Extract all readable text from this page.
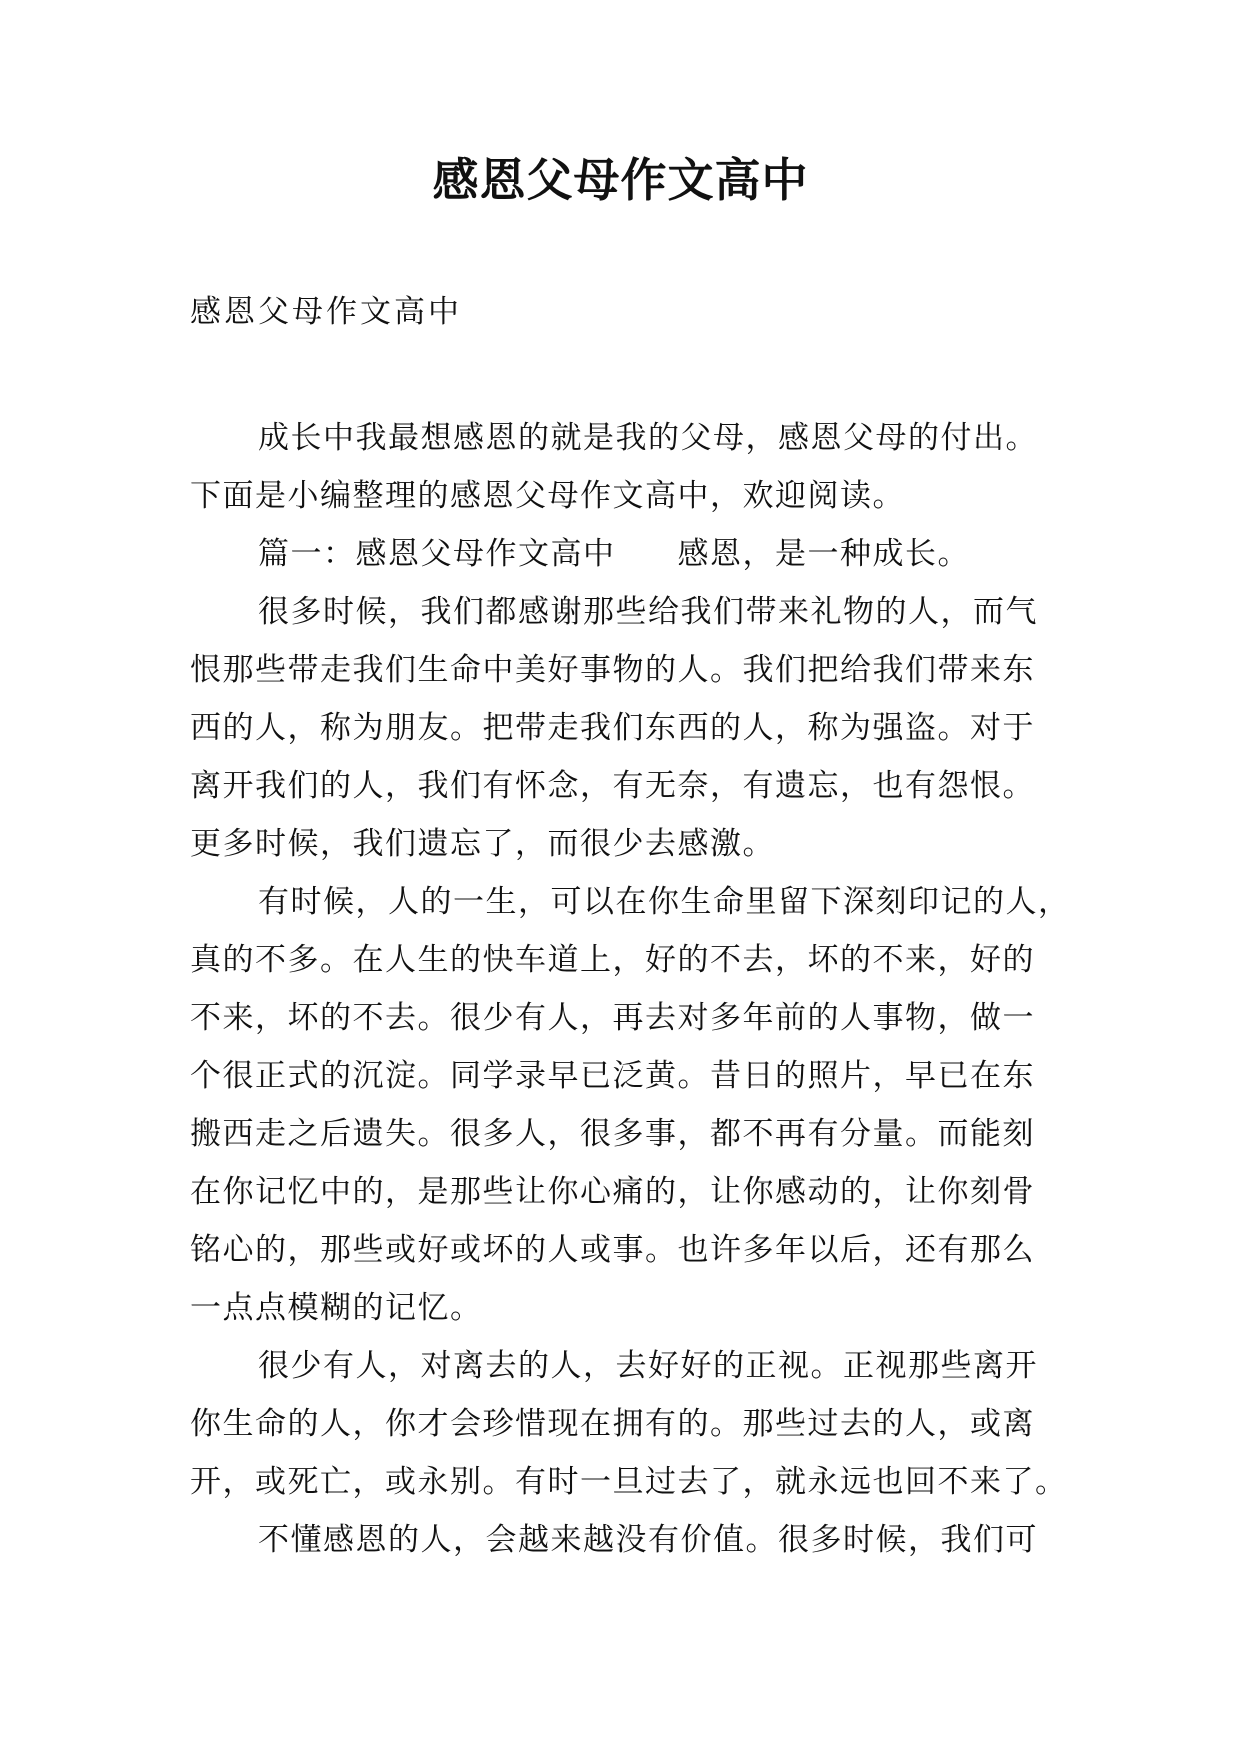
感恩父母作文高中
感恩父母作文高中
成长中我最想感恩的就是我的父母，感恩父母的付出。
下面是小编整理的感恩父母作文高中，欢迎阅读。
篇一：感恩父母作文高中 感恩，是一种成长。
很多时候，我们都感谢那些给我们带来礼物的人，而气
恨那些带走我们生命中美好事物的人。我们把给我们带来东
西的人，称为朋友。把带走我们东西的人，称为强盗。对于
离开我们的人，我们有怀念，有无奈，有遗忘，也有怨恨。
更多时候，我们遗忘了，而很少去感激。
有时候，人的一生，可以在你生命里留下深刻印记的人，
真的不多。在人生的快车道上，好的不去，坏的不来，好的
不来，坏的不去。很少有人，再去对多年前的人事物，做一
个很正式的沉淀。同学录早已泛黄。昔日的照片，早已在东
搬西走之后遗失。很多人，很多事，都不再有分量。而能刻
在你记忆中的，是那些让你心痛的，让你感动的，让你刻骨
铭心的，那些或好或坏的人或事。也许多年以后，还有那么
一点点模糊的记忆。
很少有人，对离去的人，去好好的正视。正视那些离开
你生命的人，你才会珍惜现在拥有的。那些过去的人，或离
开，或死亡，或永别。有时一旦过去了，就永远也回不来了。
不懂感恩的人，会越来越没有价值。很多时候，我们可
